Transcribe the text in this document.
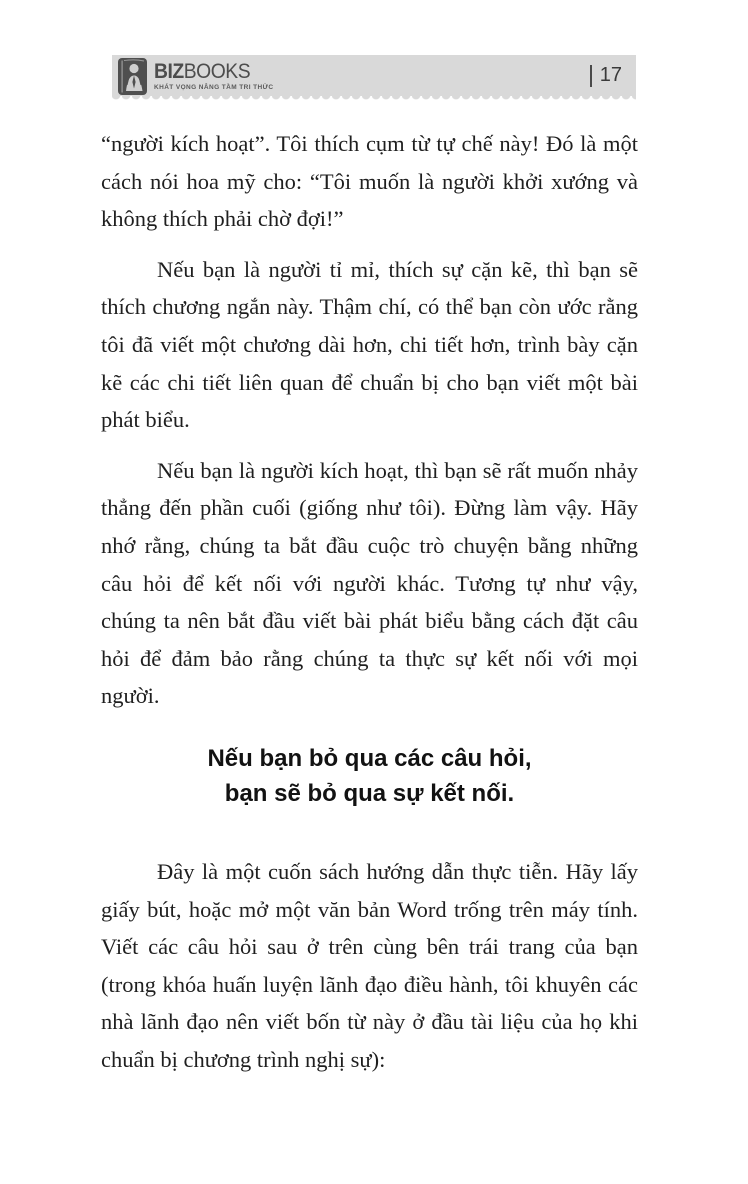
BIZBOOKS
KHÁT VỌNG NÂNG TẦM TRI THỨC
17

“người kích hoạt”. Tôi thích cụm từ tự chế này! Đó là một cách nói hoa mỹ cho: “Tôi muốn là người khởi xướng và không thích phải chờ đợi!”

Nếu bạn là người tỉ mỉ, thích sự cặn kẽ, thì bạn sẽ thích chương ngắn này. Thậm chí, có thể bạn còn ước rằng tôi đã viết một chương dài hơn, chi tiết hơn, trình bày cặn kẽ các chi tiết liên quan để chuẩn bị cho bạn viết một bài phát biểu.

Nếu bạn là người kích hoạt, thì bạn sẽ rất muốn nhảy thẳng đến phần cuối (giống như tôi). Đừng làm vậy. Hãy nhớ rằng, chúng ta bắt đầu cuộc trò chuyện bằng những câu hỏi để kết nối với người khác. Tương tự như vậy, chúng ta nên bắt đầu viết bài phát biểu bằng cách đặt câu hỏi để đảm bảo rằng chúng ta thực sự kết nối với mọi người.

Nếu bạn bỏ qua các câu hỏi,
bạn sẽ bỏ qua sự kết nối.

Đây là một cuốn sách hướng dẫn thực tiễn. Hãy lấy giấy bút, hoặc mở một văn bản Word trống trên máy tính. Viết các câu hỏi sau ở trên cùng bên trái trang của bạn (trong khóa huấn luyện lãnh đạo điều hành, tôi khuyên các nhà lãnh đạo nên viết bốn từ này ở đầu tài liệu của họ khi chuẩn bị chương trình nghị sự):
